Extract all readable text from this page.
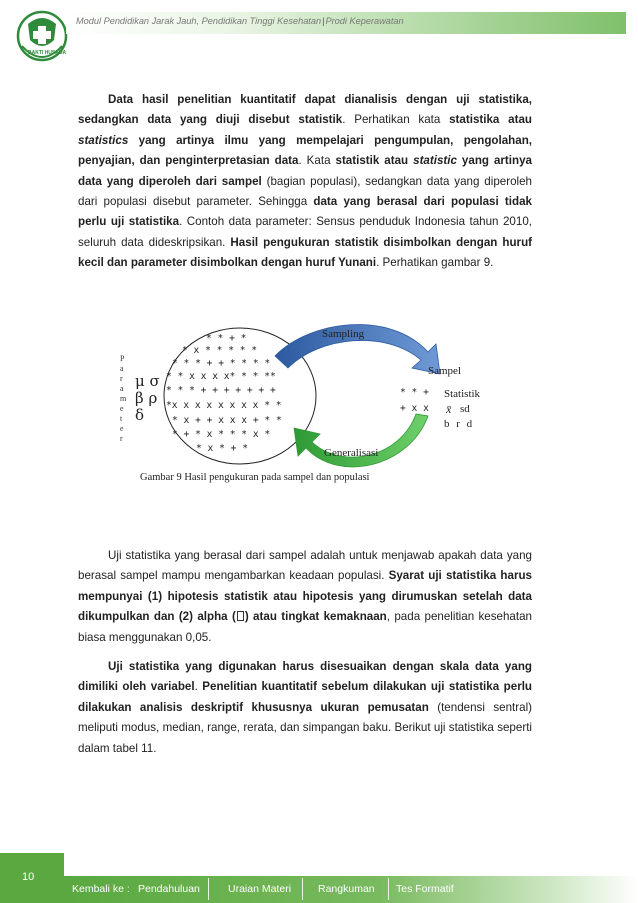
BAKTI HUSADA
Modul Pendidikan Jarak Jauh, Pendidikan Tinggi Kesehatan|Prodi Keperawatan
Data hasil penelitian kuantitatif dapat dianalisis dengan uji statistika, sedangkan data yang diuji disebut statistik. Perhatikan kata statistika atau statistics yang artinya ilmu yang mempelajari pengumpulan, pengolahan, penyajian, dan penginterpretasian data. Kata statistik atau statistic yang artinya data yang diperoleh dari sampel (bagian populasi), sedangkan data yang diperoleh dari populasi disebut parameter. Sehingga data yang berasal dari populasi tidak perlu uji statistika. Contoh data parameter: Sensus penduduk Indonesia tahun 2010, seluruh data dideskripsikan. Hasil pengukuran statistik disimbolkan dengan huruf kecil dan parameter disimbolkan dengan huruf Yunani. Perhatikan gambar 9.
Sampling
Sampel
Generalisasi
P
a
r
a
m
e
t
e
r
μ σ
β ρ
δ
* * + *
* x * * * * *
* * * + + * * * *
* * x x x x* * * **
* * * + + + + + + +
*x x x x x x x x * *
* x + + x x x + * *
* + * x * * * x *
* x * + *
* * +
+ x x
Statistik
x̄ sd
b r d
Gambar 9 Hasil pengukuran pada sampel dan populasi
Uji statistika yang berasal dari sampel adalah untuk menjawab apakah data yang berasal sampel mampu mengambarkan keadaan populasi. Syarat uji statistika harus mempunyai (1) hipotesis statistik atau hipotesis yang dirumuskan setelah data dikumpulkan dan (2) alpha ( ) atau tingkat kemaknaan, pada penelitian kesehatan biasa menggunakan 0,05.
Uji statistika yang digunakan harus disesuaikan dengan skala data yang dimiliki oleh variabel. Penelitian kuantitatif sebelum dilakukan uji statistika perlu dilakukan analisis deskriptif khususnya ukuran pemusatan (tendensi sentral) meliputi modus, median, range, rerata, dan simpangan baku. Berikut uji statistika seperti dalam tabel 11.
10
Kembali ke : Pendahuluan	Uraian Materi	Rangkuman Tes Formatif
